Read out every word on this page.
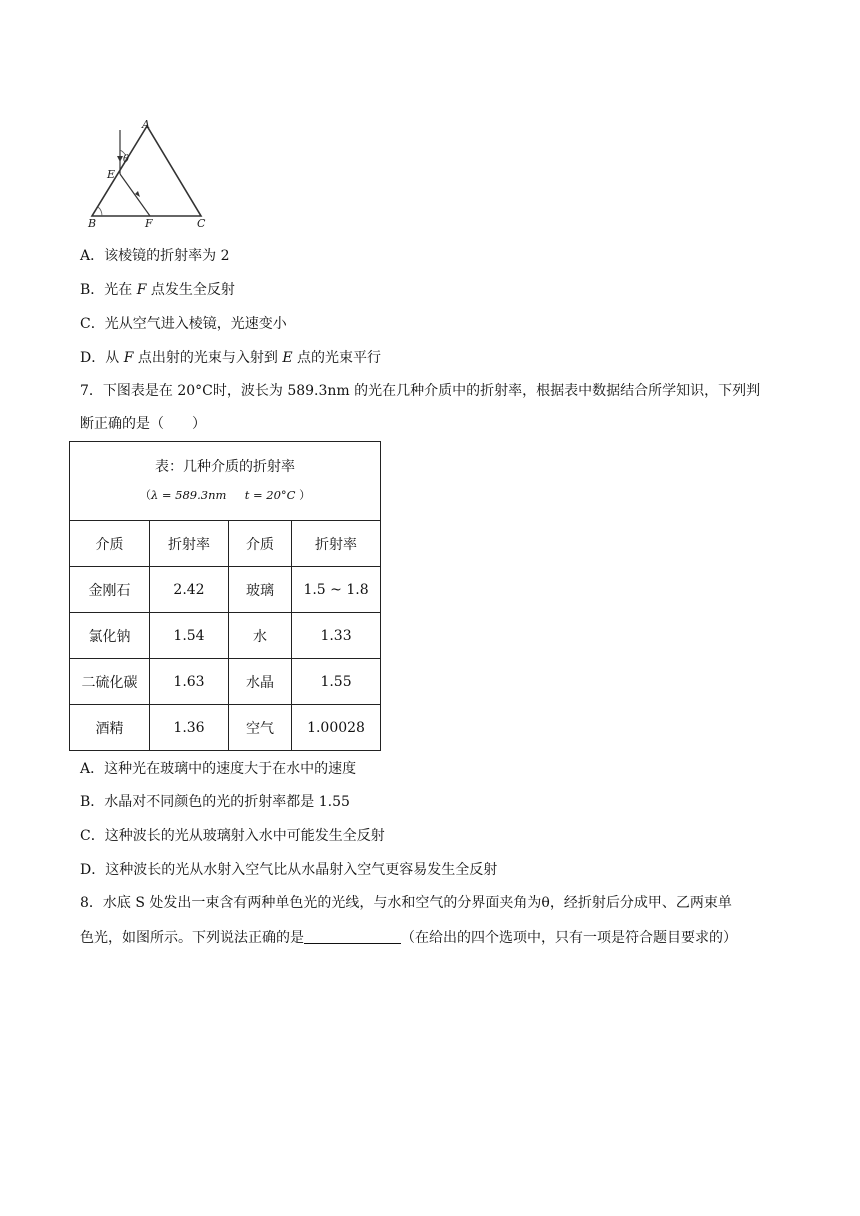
A
θ
E
B	F	C
A．该棱镜的折射率为 2
B．光在 F 点发生全反射
C．光从空气进入棱镜，光速变小
D．从 F 点出射的光束与入射到 E 点的光束平行
7．下图表是在 20°C时，波长为 589.3nm 的光在几种介质中的折射率，根据表中数据结合所学知识，下列判
断正确的是（　　）
表：几种介质的折射率
（λ = 589.3nm t = 20°C ）			

介质	折射率	介质	折射率
金刚石	2.42	玻璃	1.5 ~ 1.8
氯化钠	1.54	水	1.33
二硫化碳	1.63	水晶	1.55
酒精	1.36	空气	1.00028
A．这种光在玻璃中的速度大于在水中的速度
B．水晶对不同颜色的光的折射率都是 1.55
C．这种波长的光从玻璃射入水中可能发生全反射
D．这种波长的光从水射入空气比从水晶射入空气更容易发生全反射
8．水底 S 处发出一束含有两种单色光的光线，与水和空气的分界面夹角为θ，经折射后分成甲、乙两束单
色光，如图所示。下列说法正确的是	（在给出的四个选项中，只有一项是符合题目要求的）
